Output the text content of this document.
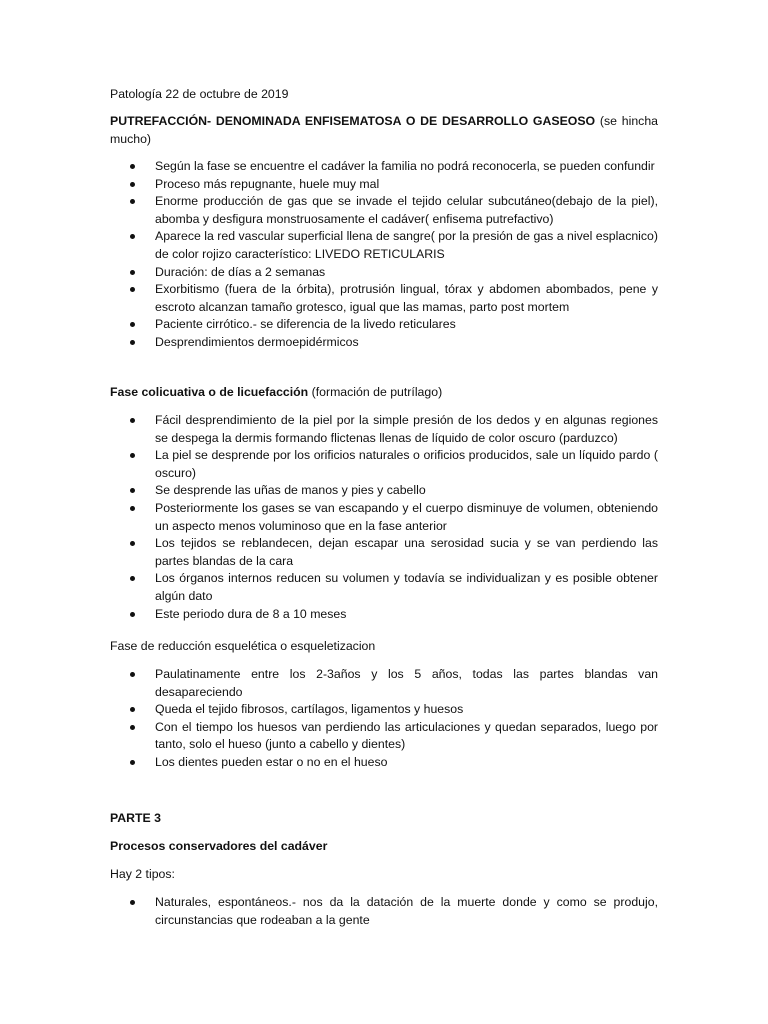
Patología 22 de octubre de 2019

PUTREFACCIÓN- DENOMINADA ENFISEMATOSA O DE DESARROLLO GASEOSO (se hincha mucho)

Según la fase se encuentre el cadáver la familia no podrá reconocerla, se pueden confundir
Proceso más repugnante, huele muy mal
Enorme producción de gas que se invade el tejido celular subcutáneo(debajo de la piel), abomba y desfigura monstruosamente el cadáver( enfisema putrefactivo)
Aparece la red vascular superficial llena de sangre( por la presión de gas a nivel esplacnico) de color rojizo característico: LIVEDO RETICULARIS
Duración: de días a 2 semanas
Exorbitismo (fuera de la órbita), protrusión lingual, tórax y abdomen abombados, pene y escroto alcanzan tamaño grotesco, igual que las mamas, parto post mortem
Paciente cirrótico.- se diferencia de la livedo reticulares
Desprendimientos dermoepidérmicos

Fase colicuativa o de licuefacción (formación de putrílago)

Fácil desprendimiento de la piel por la simple presión de los dedos y en algunas regiones se despega la dermis formando flictenas llenas de líquido de color oscuro (parduzco)
La piel se desprende por los orificios naturales o orificios producidos, sale un líquido pardo ( oscuro)
Se desprende las uñas de manos y pies y cabello
Posteriormente los gases se van escapando y el cuerpo disminuye de volumen, obteniendo un aspecto menos voluminoso que en la fase anterior
Los tejidos se reblandecen, dejan escapar una serosidad sucia y se van perdiendo las partes blandas de la cara
Los órganos internos reducen su volumen y todavía se individualizan y es posible obtener algún dato
Este periodo dura de 8 a 10 meses

Fase de reducción esquelética o esqueletizacion

Paulatinamente entre los 2-3años y los 5 años, todas las partes blandas van desapareciendo
Queda el tejido fibrosos, cartílagos, ligamentos y huesos
Con el tiempo los huesos van perdiendo las articulaciones y quedan separados, luego por tanto, solo el hueso (junto a cabello y dientes)
Los dientes pueden estar o no en el hueso

PARTE 3

Procesos conservadores del cadáver

Hay 2 tipos:

Naturales, espontáneos.- nos da la datación de la muerte donde y como se produjo, circunstancias que rodeaban a la gente
